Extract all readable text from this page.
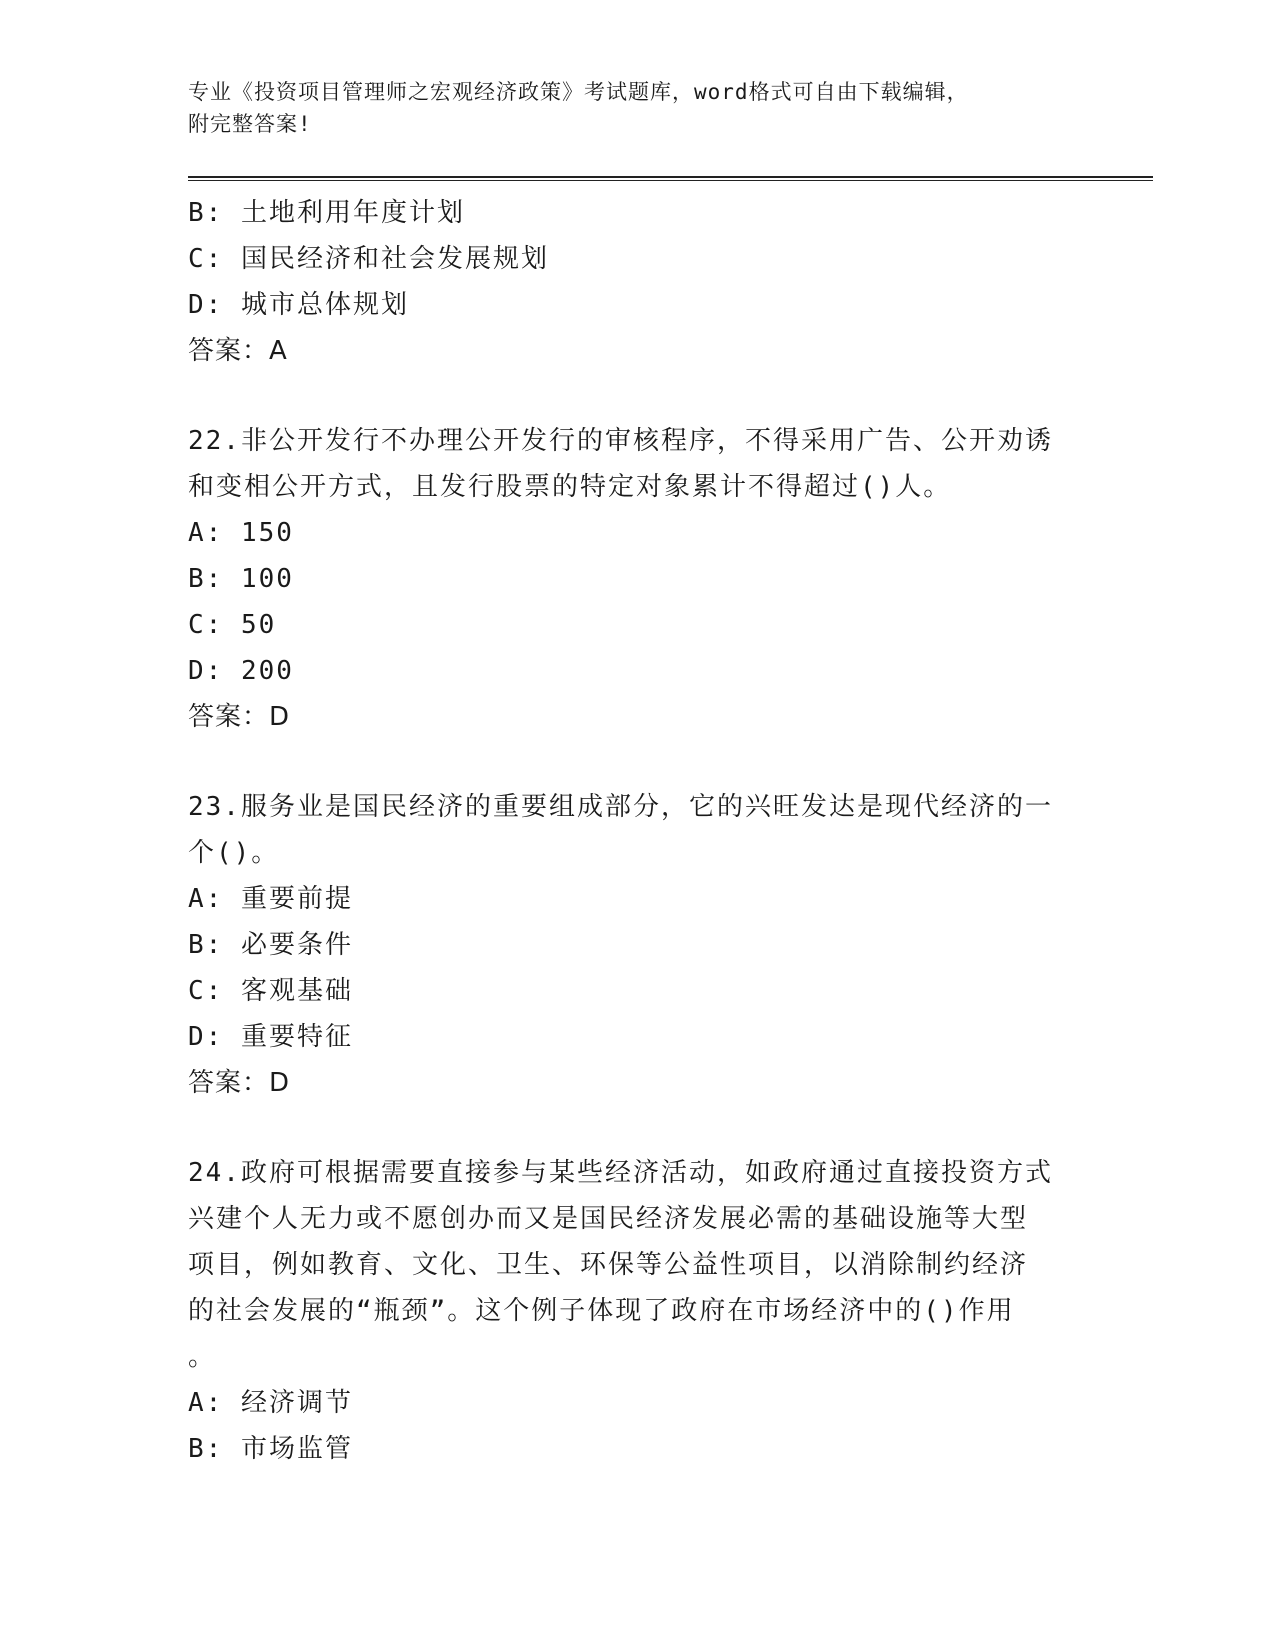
专业《投资项目管理师之宏观经济政策》考试题库，word格式可自由下载编辑，
附完整答案!
B: 土地利用年度计划
C: 国民经济和社会发展规划
D: 城市总体规划
答案：A
22.非公开发行不办理公开发行的审核程序，不得采用广告、公开劝诱
和变相公开方式，且发行股票的特定对象累计不得超过()人。
A: 150
B: 100
C: 50
D: 200
答案：D
23.服务业是国民经济的重要组成部分，它的兴旺发达是现代经济的一
个()。
A: 重要前提
B: 必要条件
C: 客观基础
D: 重要特征
答案：D
24.政府可根据需要直接参与某些经济活动，如政府通过直接投资方式
兴建个人无力或不愿创办而又是国民经济发展必需的基础设施等大型
项目，例如教育、文化、卫生、环保等公益性项目，以消除制约经济
的社会发展的“瓶颈”。这个例子体现了政府在市场经济中的()作用
。
A: 经济调节
B: 市场监管
